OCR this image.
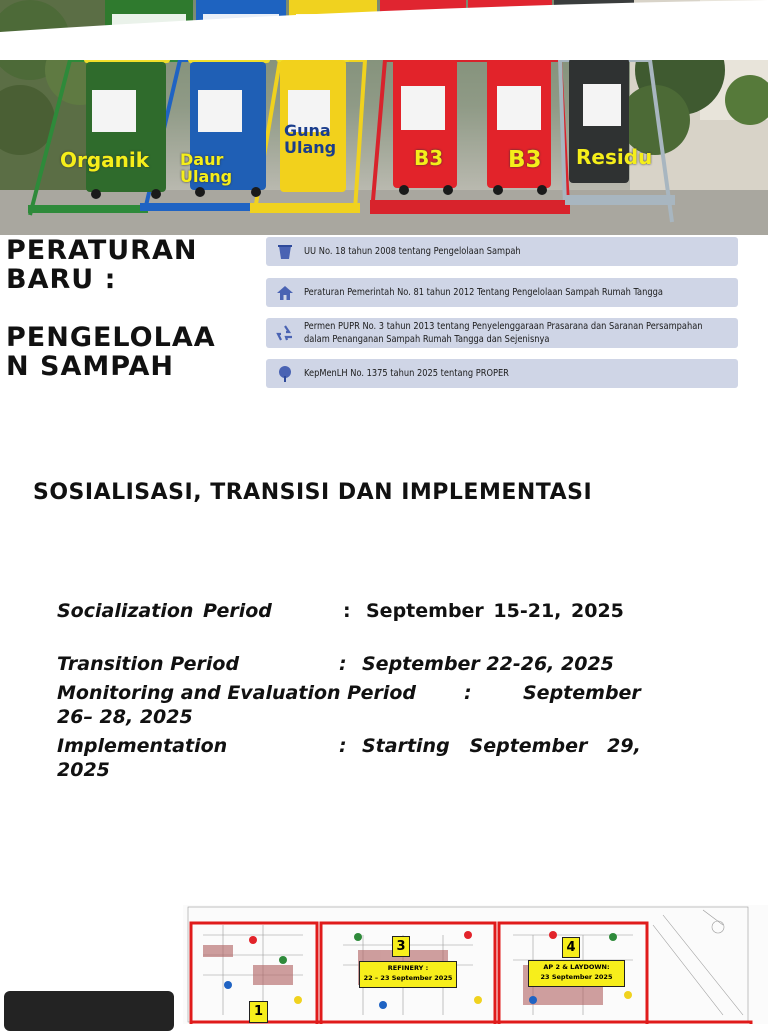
Organik Daur
Ulang
Guna
Ulang	B3	B3 Residu

PERATURAN
BARU :

PENGELOLAA
N SAMPAH

UU No. 18 tahun 2008 tentang Pengelolaan Sampah
Peraturan Pemerintah No. 81 tahun 2012 Tentang Pengelolaan Sampah Rumah Tangga
Permen PUPR No. 3 tahun 2013 tentang Penyelenggaraan Prasarana dan Saranan Persampahan dalam Penanganan Sampah Rumah Tangga dan Sejenisnya
KepMenLH No. 1375 tahun 2025 tentang PROPER
SOSIALISASI, TRANSISI DAN IMPLEMENTASI
Socialization Period	: September 15-21, 2025
Transition Period	: September 22-26, 2025
Monitoring and Evaluation Period	:	September
26– 28, 2025
Implementation	: Starting   September   29,
2025
1
3	4
REFINERY :
22 – 23 September 2025
AP 2 & LAYDOWN:
23 September 2025
